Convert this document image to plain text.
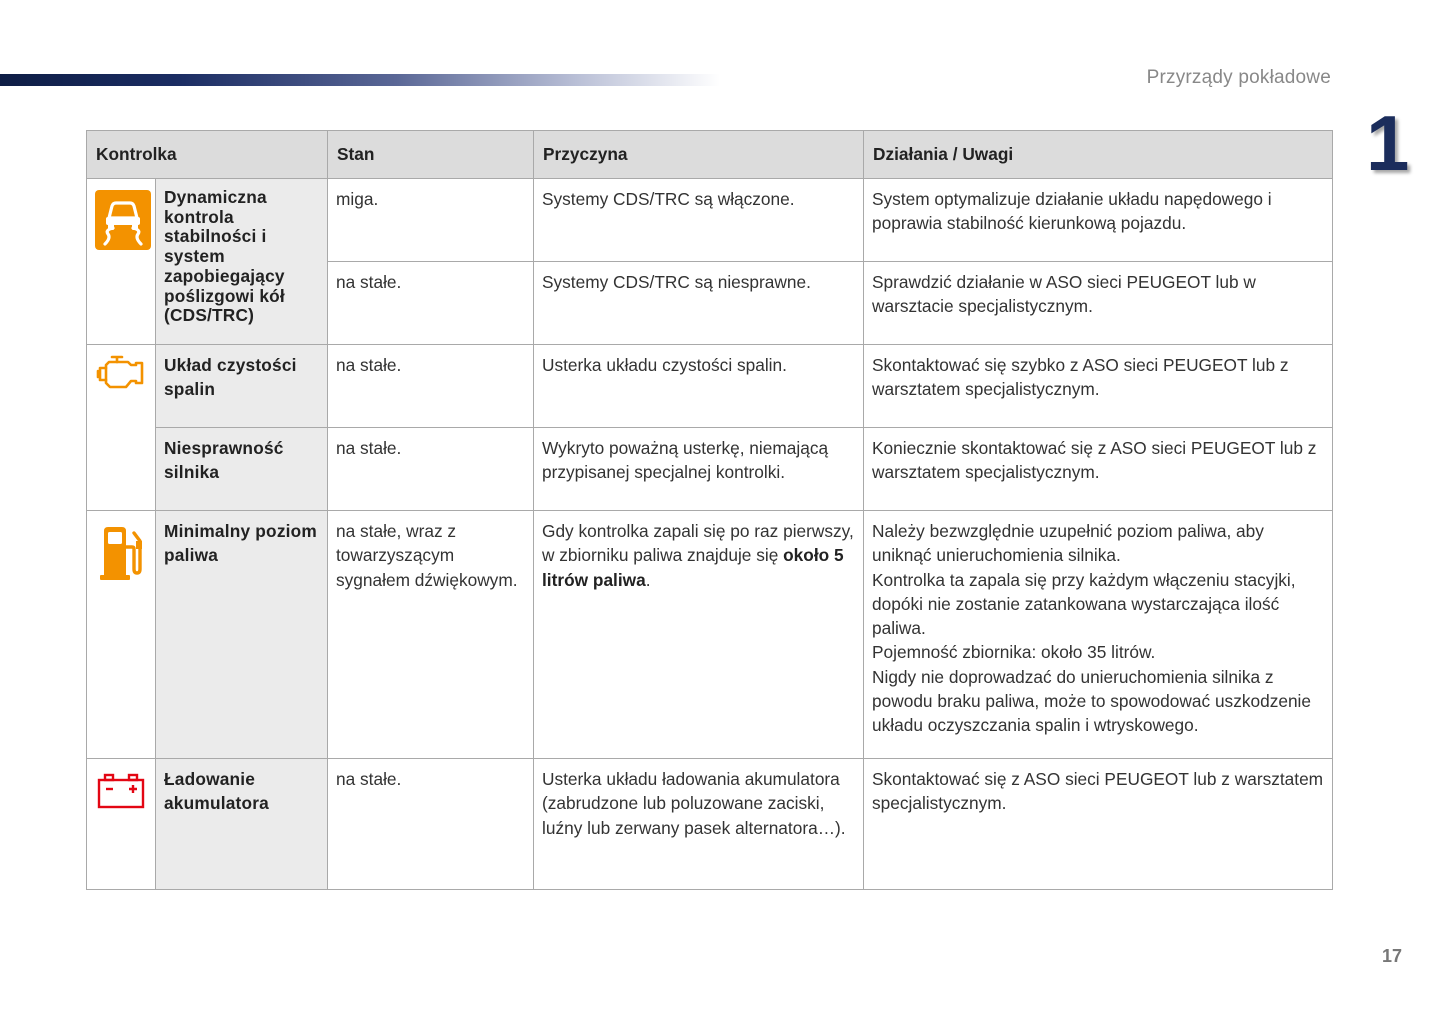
Przyrządy pokładowe
1
Kontrolka		Stan	Przyczyna	Działania / Uwagi

	Dynamiczna kontrola stabilności i system zapobiegający poślizgowi kół (CDS/TRC)	miga.	Systemy CDS/TRC są włączone.	System optymalizuje działanie układu napędowego i poprawia stabilność kierunkową pojazdu.
		na stałe.	Systemy CDS/TRC są niesprawne.	Sprawdzić działanie w ASO sieci PEUGEOT lub w warsztacie specjalistycznym.

	Układ czystości spalin	na stałe.	Usterka układu czystości spalin.	Skontaktować się szybko z ASO sieci PEUGEOT lub z warsztatem specjalistycznym.
	Niesprawność silnika	na stałe.	Wykryto poważną usterkę, niemającą przypisanej specjalnej kontrolki.	Koniecznie skontaktować się z ASO sieci PEUGEOT lub z warsztatem specjalistycznym.

	Minimalny poziom paliwa	na stałe, wraz z towarzyszącym sygnałem dźwiękowym.	Gdy kontrolka zapali się po raz pierwszy, w zbiorniku paliwa znajduje się około 5 litrów paliwa.	Należy bezwzględnie uzupełnić poziom paliwa, aby uniknąć unieruchomienia silnika.
Kontrolka ta zapala się przy każdym włączeniu stacyjki, dopóki nie zostanie zatankowana wystarczająca ilość paliwa.
Pojemność zbiornika: około 35 litrów.
Nigdy nie doprowadzać do unieruchomienia silnika z powodu braku paliwa, może to spowodować uszkodzenie układu oczyszczania spalin i wtryskowego.

	Ładowanie akumulatora	na stałe.	Usterka układu ładowania akumulatora (zabrudzone lub poluzowane zaciski, luźny lub zerwany pasek alternatora…).	Skontaktować się z ASO sieci PEUGEOT lub z warsztatem specjalistycznym.
17
